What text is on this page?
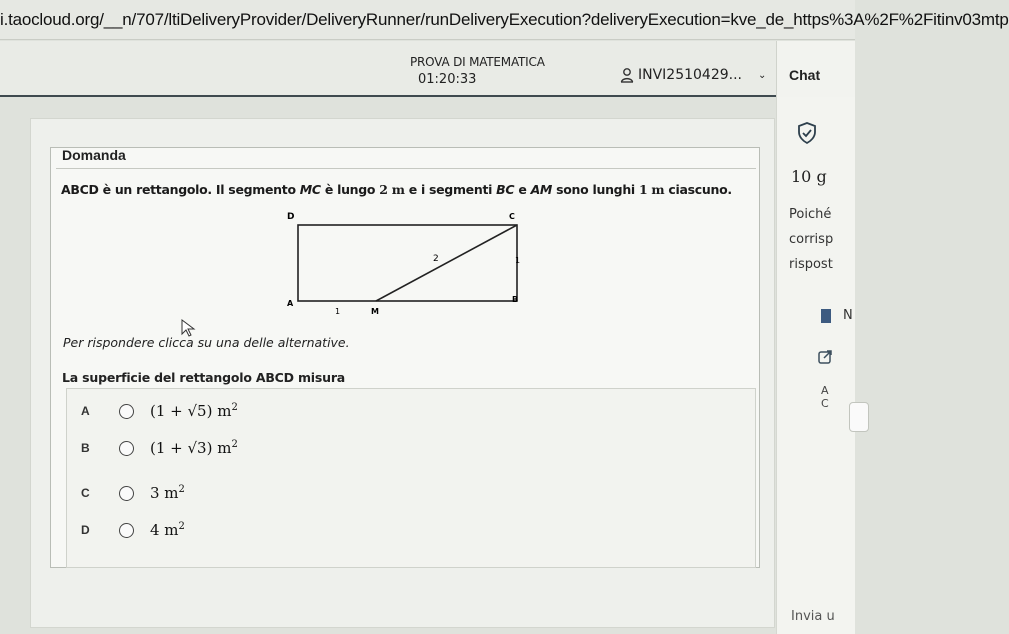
i.taocloud.org/__n/707/ltiDeliveryProvider/DeliveryRunner/runDeliveryExecution?deliveryExecution=kve_de_https%3A%2F%2Fitinv03mtp
PROVA DI MATEMATICA
01:20:33	INVI2510429... ⌄	Chat
Domanda
ABCD è un rettangolo. Il segmento MC è lungo 2 m e i segmenti BC e AM sono lunghi 1 m ciascuno.
D	C
A	B
M
2	1
1
Per rispondere clicca su una delle alternative.
La superficie del rettangolo ABCD misura
A	(1 + √5) $m^2$
B	(1 + √3) $m^2$
C	3 $m^2$
D	4 $m^2$
10 g
Poiché
corrisp
rispost
N
A C
Invia u
